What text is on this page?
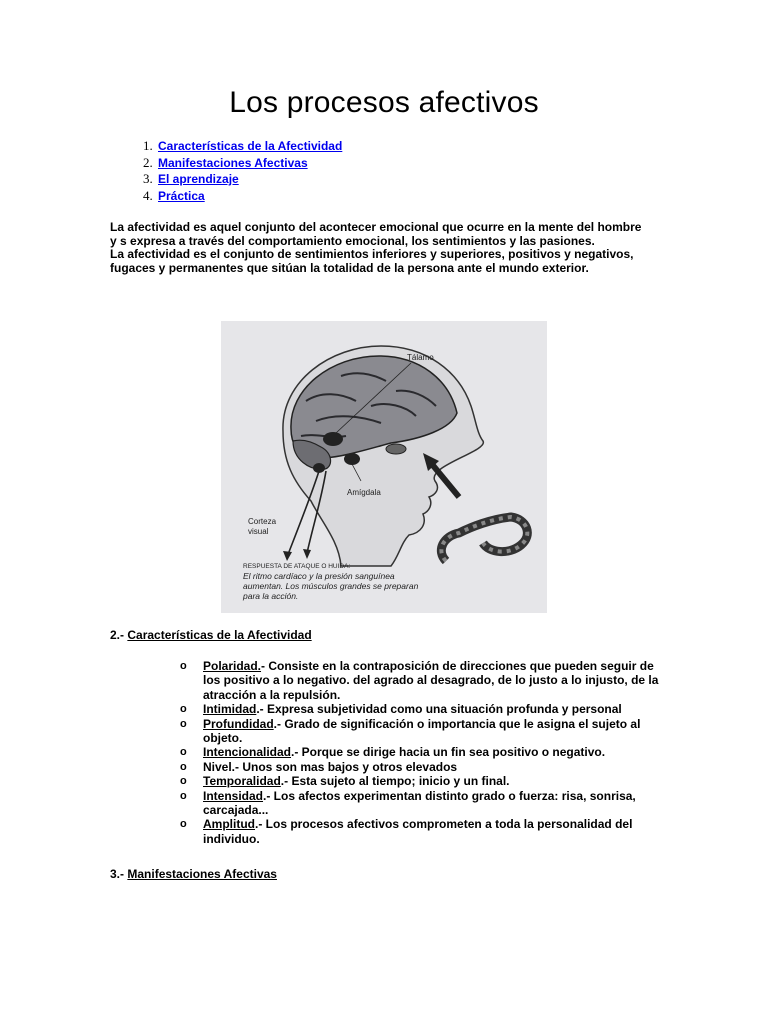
Los procesos afectivos
1. Características de la Afectividad
2. Manifestaciones Afectivas
3. El aprendizaje
4. Práctica
La afectividad es aquel conjunto del acontecer emocional que ocurre en la mente del hombre y s expresa a través del comportamiento emocional, los sentimientos y las pasiones.
La afectividad es el conjunto de sentimientos inferiores y superiores, positivos y negativos, fugaces y permanentes que sitúan la totalidad de la persona ante el mundo exterior.
Tálamo
Amígdala
Corteza
visual
RESPUESTA DE ATAQUE O HUIDA:
El ritmo cardíaco y la presión sanguínea
aumentan. Los músculos grandes se preparan
para la acción.
2.- Características de la Afectividad
o Polaridad.- Consiste en la contraposición de direcciones que pueden seguir de los positivo a lo negativo. del agrado al desagrado, de lo justo a lo injusto, de la atracción a la repulsión.
o Intimidad.- Expresa subjetividad como una situación profunda y personal
o Profundidad.- Grado de significación o importancia que le asigna el sujeto al objeto.
o Intencionalidad.- Porque se dirige hacia un fin sea positivo o negativo.
o Nivel.- Unos son mas bajos y otros elevados
o Temporalidad.- Esta sujeto al tiempo; inicio y un final.
o Intensidad.- Los afectos experimentan distinto grado o fuerza: risa, sonrisa, carcajada...
o Amplitud.- Los procesos afectivos comprometen a toda la personalidad del individuo.
3.- Manifestaciones Afectivas
